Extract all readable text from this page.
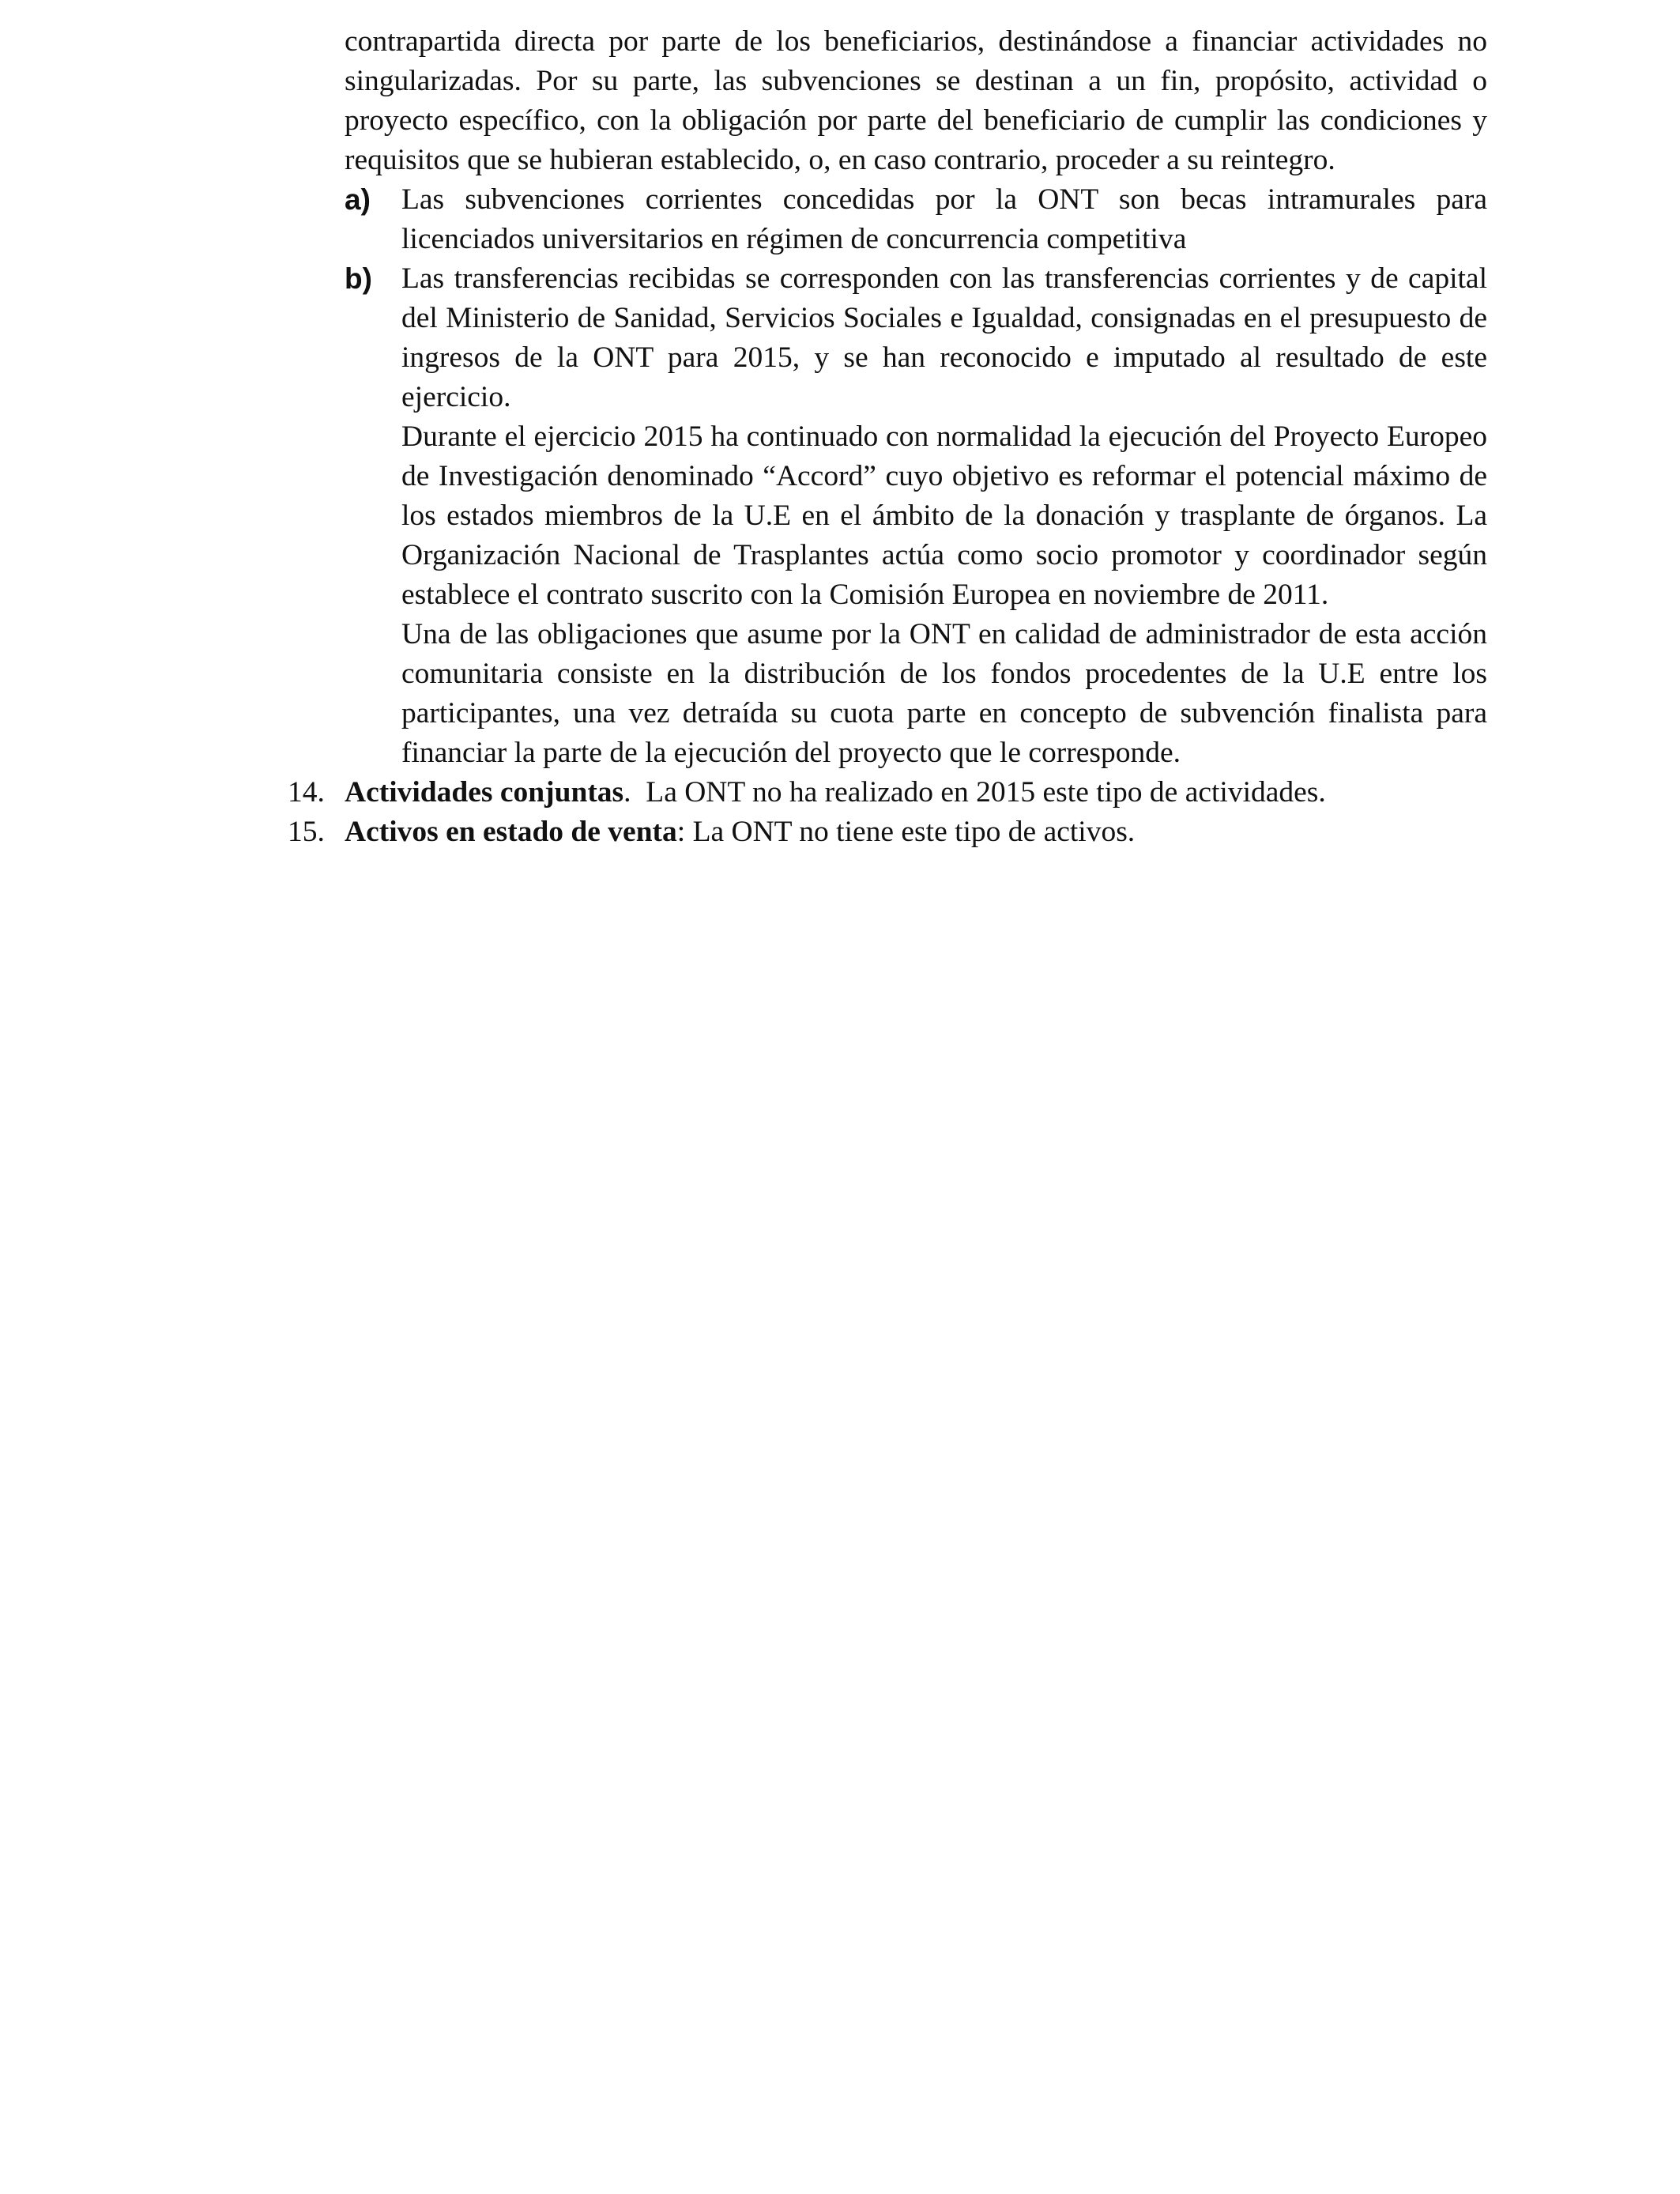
contrapartida directa por parte de los beneficiarios, destinándose a financiar actividades no singularizadas. Por su parte, las subvenciones se destinan a un fin, propósito, actividad o proyecto específico, con la obligación por parte del beneficiario de cumplir las condiciones y requisitos que se hubieran establecido, o, en caso contrario, proceder a su reintegro.

a) Las subvenciones corrientes concedidas por la ONT son becas intramurales para licenciados universitarios en régimen de concurrencia competitiva

b) Las transferencias recibidas se corresponden con las transferencias corrientes y de capital del Ministerio de Sanidad, Servicios Sociales e Igualdad, consignadas en el presupuesto de ingresos de la ONT para 2015, y se han reconocido e imputado al resultado de este ejercicio.

Durante el ejercicio 2015 ha continuado con normalidad la ejecución del Proyecto Europeo de Investigación denominado “Accord” cuyo objetivo es reformar el potencial máximo de los estados miembros de la U.E en el ámbito de la donación y trasplante de órganos. La Organización Nacional de Trasplantes actúa como socio promotor y coordinador según establece el contrato suscrito con la Comisión Europea en noviembre de 2011.

Una de las obligaciones que asume por la ONT en calidad de administrador de esta acción comunitaria consiste en la distribución de los fondos procedentes de la U.E entre los participantes, una vez detraída su cuota parte en concepto de subvención finalista para financiar la parte de la ejecución del proyecto que le corresponde.

14. Actividades conjuntas.  La ONT no ha realizado en 2015 este tipo de actividades.
15. Activos en estado de venta: La ONT no tiene este tipo de activos.
